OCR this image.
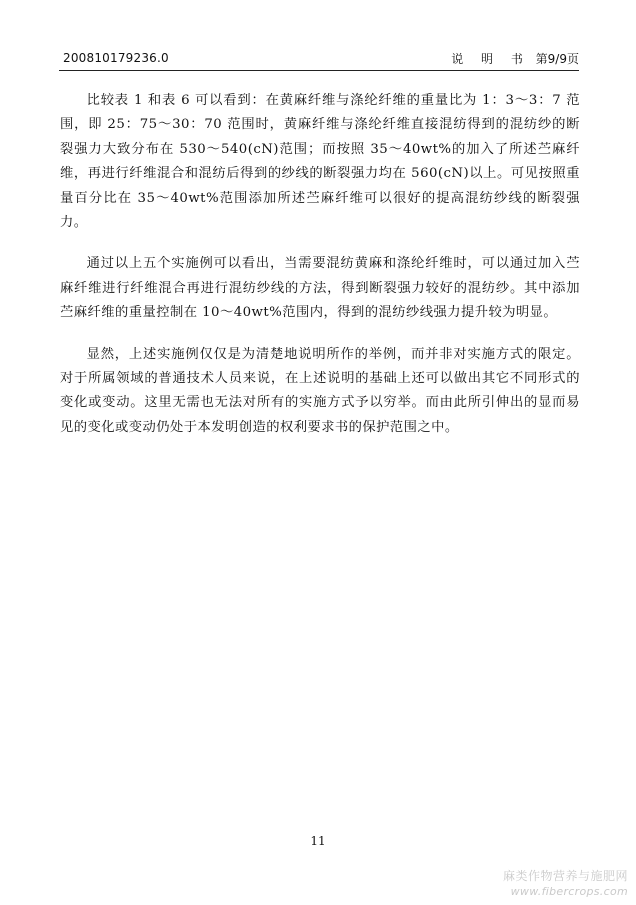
200810179236.0	说 明 书 第9/9页

比较表 1 和表 6 可以看到：在黄麻纤维与涤纶纤维的重量比为 1：3～3：7 范围，即 25：75～30：70 范围时，黄麻纤维与涤纶纤维直接混纺得到的混纺纱的断裂强力大致分布在 530～540(cN)范围；而按照 35～40wt%的加入了所述苎麻纤维，再进行纤维混合和混纺后得到的纱线的断裂强力均在 560(cN)以上。可见按照重量百分比在 35～40wt%范围添加所述苎麻纤维可以很好的提高混纺纱线的断裂强力。

通过以上五个实施例可以看出，当需要混纺黄麻和涤纶纤维时，可以通过加入苎麻纤维进行纤维混合再进行混纺纱线的方法，得到断裂强力较好的混纺纱。其中添加苎麻纤维的重量控制在 10～40wt%范围内，得到的混纺纱线强力提升较为明显。

显然，上述实施例仅仅是为清楚地说明所作的举例，而并非对实施方式的限定。对于所属领域的普通技术人员来说，在上述说明的基础上还可以做出其它不同形式的变化或变动。这里无需也无法对所有的实施方式予以穷举。而由此所引伸出的显而易见的变化或变动仍处于本发明创造的权利要求书的保护范围之中。

11
麻类作物营养与施肥网
www.fibercrops.com
